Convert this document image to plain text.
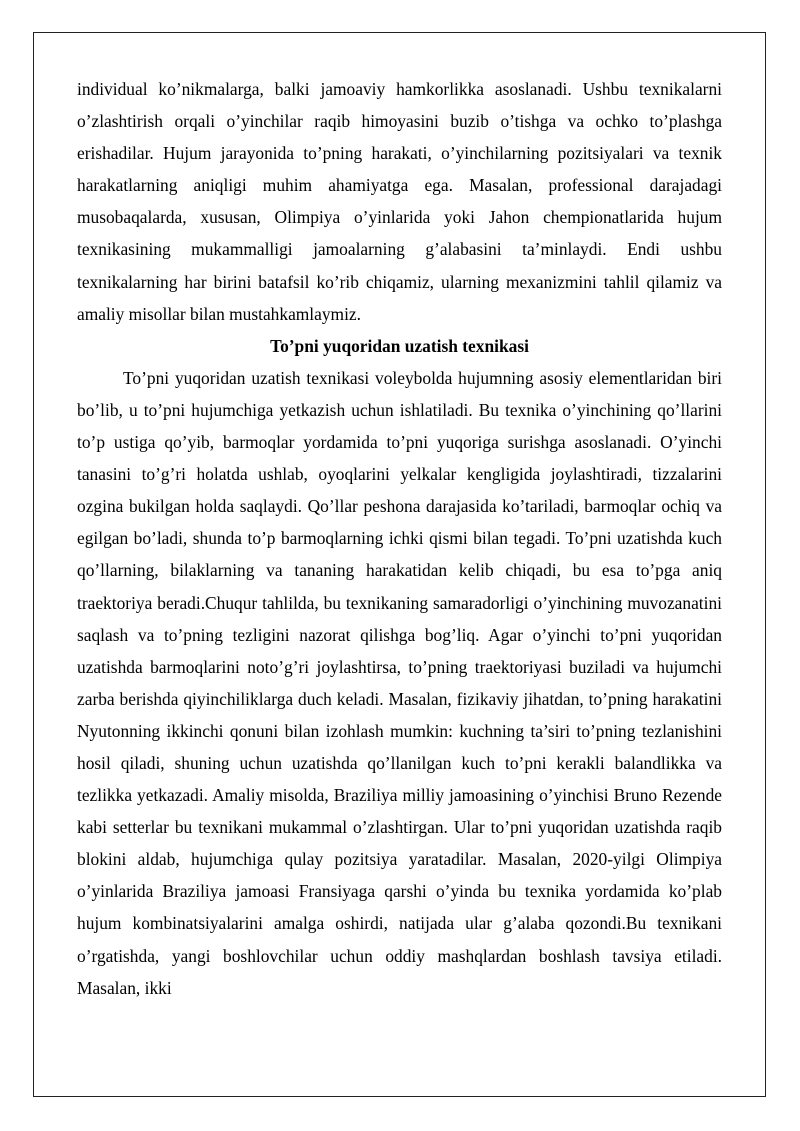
individual ko’nikmalarga, balki jamoaviy hamkorlikka asoslanadi. Ushbu texnikalarni o’zlashtirish orqali o’yinchilar raqib himoyasini buzib o’tishga va ochko to’plashga erishadilar. Hujum jarayonida to’pning harakati, o’yinchilarning pozitsiyalari va texnik harakatlarning aniqligi muhim ahamiyatga ega. Masalan, professional darajadagi musobaqalarda, xususan, Olimpiya o’yinlarida yoki Jahon chempionatlarida hujum texnikasining mukammalligi jamoalarning g’alabasini ta’minlaydi. Endi ushbu texnikalarning har birini batafsil ko’rib chiqamiz, ularning mexanizmini tahlil qilamiz va amaliy misollar bilan mustahkamlaymiz.

To’pni yuqoridan uzatish texnikasi

To’pni yuqoridan uzatish texnikasi voleybolda hujumning asosiy elementlaridan biri bo’lib, u to’pni hujumchiga yetkazish uchun ishlatiladi. Bu texnika o’yinchining qo’llarini to’p ustiga qo’yib, barmoqlar yordamida to’pni yuqoriga surishga asoslanadi. O’yinchi tanasini to’g’ri holatda ushlab, oyoqlarini yelkalar kengligida joylashtiradi, tizzalarini ozgina bukilgan holda saqlaydi. Qo’llar peshona darajasida ko’tariladi, barmoqlar ochiq va egilgan bo’ladi, shunda to’p barmoqlarning ichki qismi bilan tegadi. To’pni uzatishda kuch qo’llarning, bilaklarning va tananing harakatidan kelib chiqadi, bu esa to’pga aniq traektoriya beradi.Chuqur tahlilda, bu texnikaning samaradorligi o’yinchining muvozanatini saqlash va to’pning tezligini nazorat qilishga bog’liq. Agar o’yinchi to’pni yuqoridan uzatishda barmoqlarini noto’g’ri joylashtirsa, to’pning traektoriyasi buziladi va hujumchi zarba berishda qiyinchiliklarga duch keladi. Masalan, fizikaviy jihatdan, to’pning harakatini Nyutonning ikkinchi qonuni bilan izohlash mumkin: kuchning ta’siri to’pning tezlanishini hosil qiladi, shuning uchun uzatishda qo’llanilgan kuch to’pni kerakli balandlikka va tezlikka yetkazadi. Amaliy misolda, Braziliya milliy jamoasining o’yinchisi Bruno Rezende kabi setterlar bu texnikani mukammal o’zlashtirgan. Ular to’pni yuqoridan uzatishda raqib blokini aldab, hujumchiga qulay pozitsiya yaratadilar. Masalan, 2020-yilgi Olimpiya o’yinlarida Braziliya jamoasi Fransiyaga qarshi o’yinda bu texnika yordamida ko’plab hujum kombinatsiyalarini amalga oshirdi, natijada ular g’alaba qozondi.Bu texnikani o’rgatishda, yangi boshlovchilar uchun oddiy mashqlardan boshlash tavsiya etiladi. Masalan, ikki
